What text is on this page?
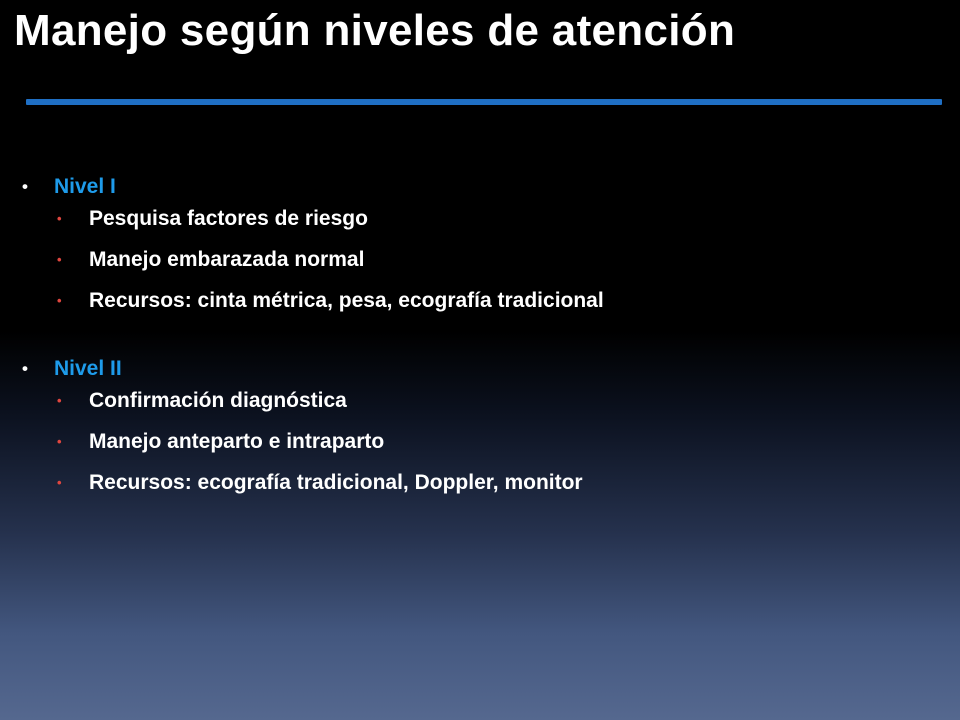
Manejo según niveles de atención
• Nivel I
• Pesquisa factores de riesgo
• Manejo embarazada normal
• Recursos: cinta métrica, pesa, ecografía tradicional
• Nivel II
• Confirmación diagnóstica
• Manejo anteparto e intraparto
• Recursos: ecografía tradicional, Doppler, monitor
